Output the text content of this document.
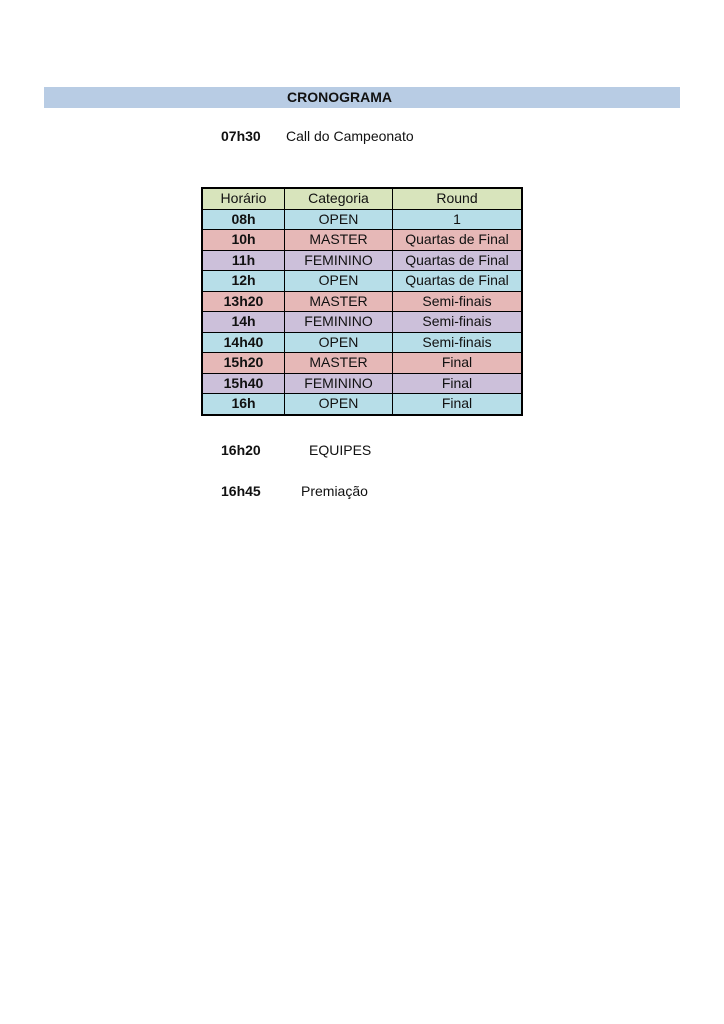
CRONOGRAMA
07h30 Call do Campeonato
Horário	Categoria	Round
08h	OPEN	1
10h	MASTER	Quartas de Final
11h	FEMININO	Quartas de Final
12h	OPEN	Quartas de Final
13h20	MASTER	Semi-finais
14h	FEMININO	Semi-finais
14h40	OPEN	Semi-finais
15h20	MASTER	Final
15h40	FEMININO	Final
16h	OPEN	Final
16h20	EQUIPES
16h45	Premiação
